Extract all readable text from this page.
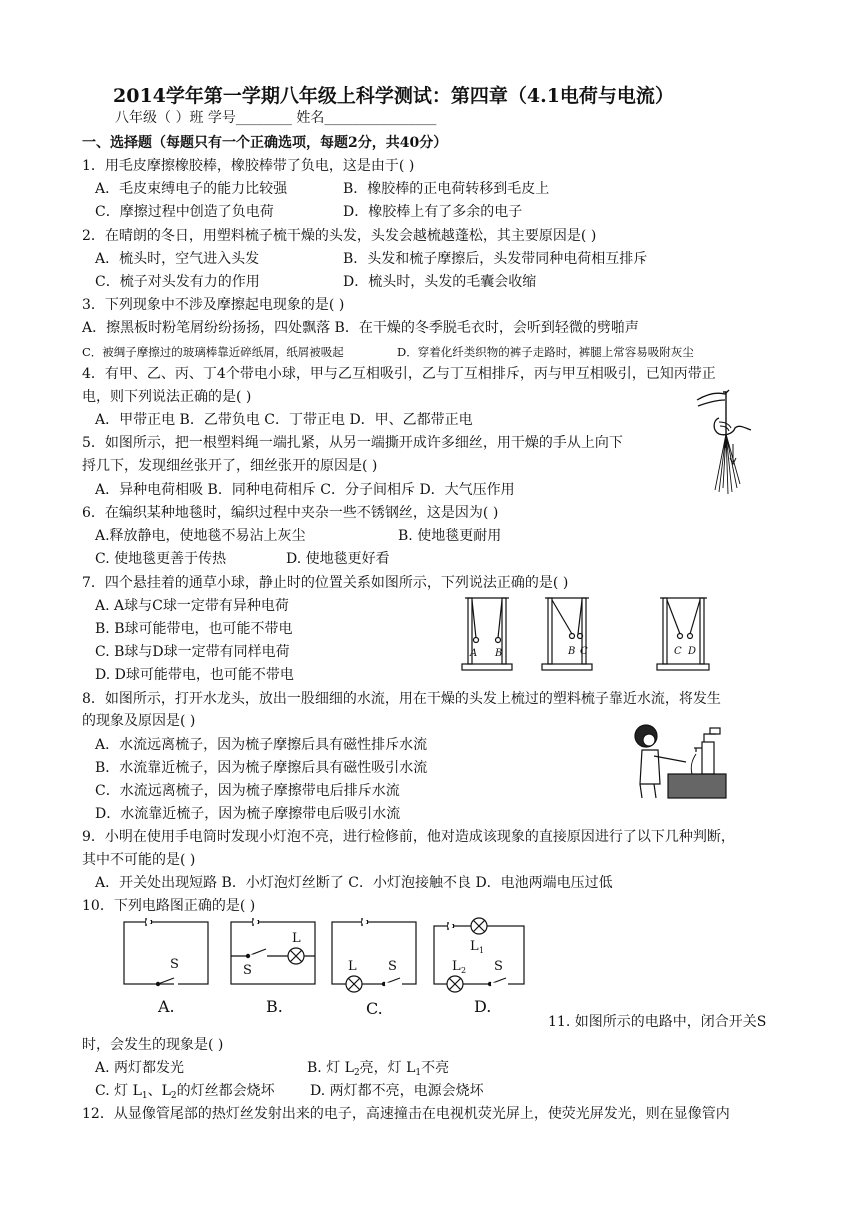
2014学年第一学期八年级上科学测试：第四章（4.1电荷与电流）
八年级（ ）班 学号________ 姓名________________
一、选择题（每题只有一个正确选项，每题2分，共40分）
1．用毛皮摩擦橡胶棒，橡胶棒带了负电，这是由于( )
A．毛皮束缚电子的能力比较强	B．橡胶棒的正电荷转移到毛皮上
C．摩擦过程中创造了负电荷	D．橡胶棒上有了多余的电子
2．在晴朗的冬日，用塑料梳子梳干燥的头发，头发会越梳越蓬松，其主要原因是( )
A．梳头时，空气进入头发	B．头发和梳子摩擦后，头发带同种电荷相互排斥
C．梳子对头发有力的作用	D．梳头时，头发的毛囊会收缩
3．下列现象中不涉及摩擦起电现象的是( )
A．擦黑板时粉笔屑纷纷扬扬，四处飘落 B．在干燥的冬季脱毛衣时，会听到轻微的劈啪声
C．被绸子摩擦过的玻璃棒靠近碎纸屑，纸屑被吸起	D．穿着化纤类织物的裤子走路时，裤腿上常容易吸附灰尘
4．有甲、乙、丙、丁4个带电小球，甲与乙互相吸引，乙与丁互相排斥，丙与甲互相吸引，已知丙带正
电，则下列说法正确的是( )
A．甲带正电 B．乙带负电 C．丁带正电 D．甲、乙都带正电
5．如图所示，把一根塑料绳一端扎紧，从另一端撕开成许多细丝，用干燥的手从上向下
捋几下，发现细丝张开了，细丝张开的原因是( )
A．异种电荷相吸 B．同种电荷相斥 C．分子间相斥 D．大气压作用
6．在编织某种地毯时，编织过程中夹杂一些不锈钢丝，这是因为( )
A.释放静电，使地毯不易沾上灰尘	B. 使地毯更耐用
C. 使地毯更善于传热	D. 使地毯更好看
7．四个悬挂着的通草小球，静止时的位置关系如图所示，下列说法正确的是( )
A. A球与C球一定带有异种电荷
B. B球可能带电，也可能不带电
C. B球与D球一定带有同样电荷
D. D球可能带电，也可能不带电
A B	B C	C D
8．如图所示，打开水龙头，放出一股细细的水流，用在干燥的头发上梳过的塑料梳子靠近水流，将发生
的现象及原因是( )
A．水流远离梳子，因为梳子摩擦后具有磁性排斥水流
B．水流靠近梳子，因为梳子摩擦后具有磁性吸引水流
C．水流远离梳子，因为梳子摩擦带电后排斥水流
D．水流靠近梳子，因为梳子摩擦带电后吸引水流
9．小明在使用手电筒时发现小灯泡不亮，进行检修前，他对造成该现象的直接原因进行了以下几种判断，
其中不可能的是( )
A．开关处出现短路 B．小灯泡灯丝断了 C．小灯泡接触不良 D．电池两端电压过低
10．下列电路图正确的是( )
S
L
S	L S
L 1
L 2 S
A.	B.	C.	D.
11. 如图所示的电路中，闭合开关S
时，会发生的现象是( )
A. 两灯都发光	B. 灯 $L_2$亮，灯 $L_1$不亮
C. 灯 $L_1$、$L_2$的灯丝都会烧坏	D. 两灯都不亮，电源会烧坏
12．从显像管尾部的热灯丝发射出来的电子，高速撞击在电视机荧光屏上，使荧光屏发光，则在显像管内
